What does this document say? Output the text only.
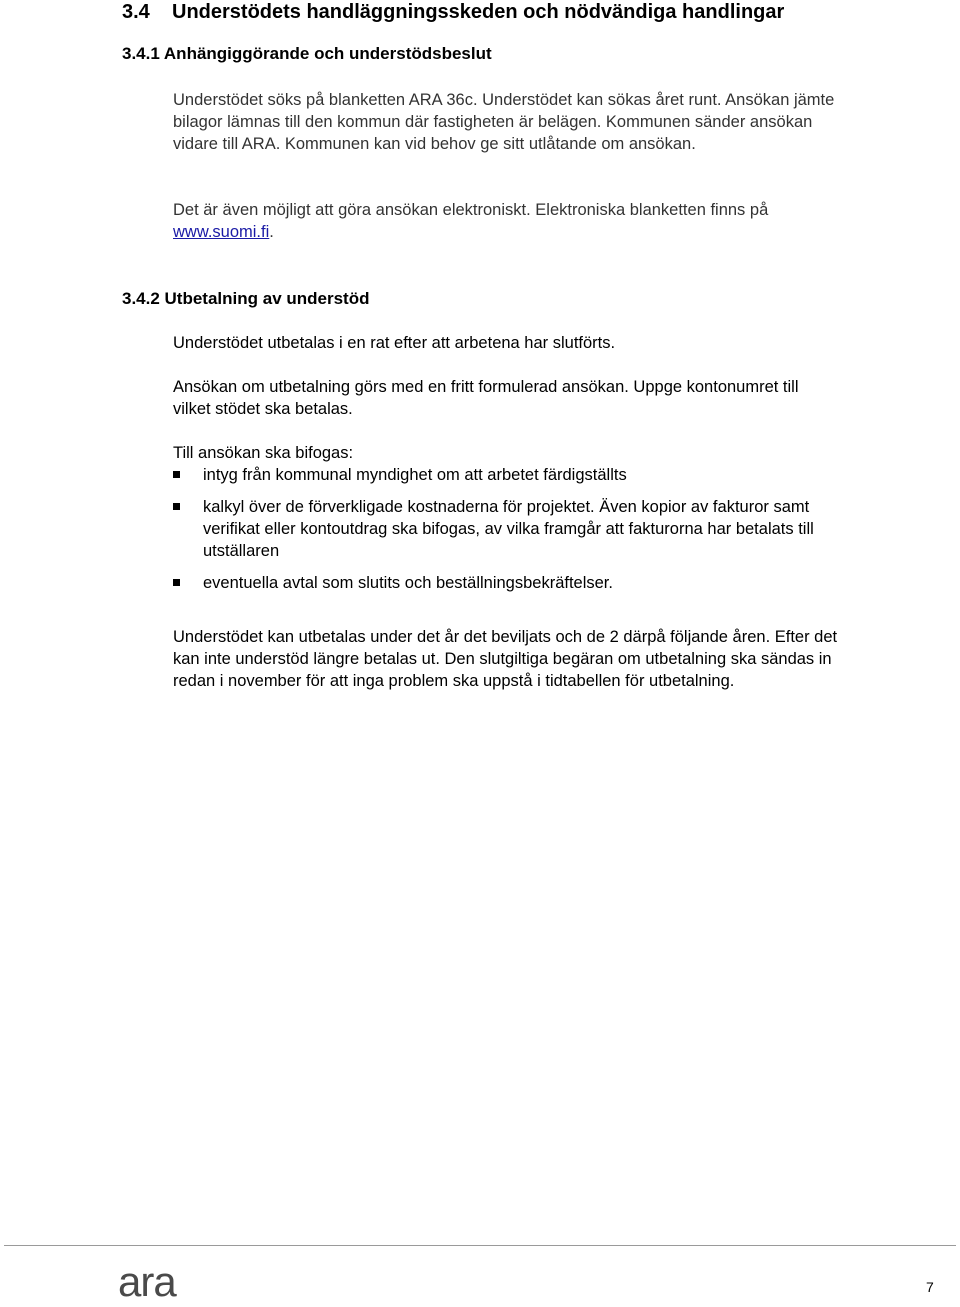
3.4 Understödets handläggningsskeden och nödvändiga handlingar
3.4.1 Anhängiggörande och understödsbeslut

Understödet söks på blanketten ARA 36c. Understödet kan sökas året runt. Ansökan jämte bilagor lämnas till den kommun där fastigheten är belägen. Kommunen sänder ansökan vidare till ARA. Kommunen kan vid behov ge sitt utlåtande om ansökan.

Det är även möjligt att göra ansökan elektroniskt. Elektroniska blanketten finns på www.suomi.fi.

3.4.2 Utbetalning av understöd

Understödet utbetalas i en rat efter att arbetena har slutförts.

Ansökan om utbetalning görs med en fritt formulerad ansökan. Uppge kontonumret till vilket stödet ska betalas.

Till ansökan ska bifogas:

intyg från kommunal myndighet om att arbetet färdigställts
kalkyl över de förverkligade kostnaderna för projektet. Även kopior av fakturor samt verifikat eller kontoutdrag ska bifogas, av vilka framgår att fakturorna har betalats till utställaren
eventuella avtal som slutits och beställningsbekräftelser.

Understödet kan utbetalas under det år det beviljats och de 2 därpå följande åren. Efter det kan inte understöd längre betalas ut. Den slutgiltiga begäran om utbetalning ska sändas in redan i november för att inga problem ska uppstå i tidtabellen för utbetalning.

ara	7
